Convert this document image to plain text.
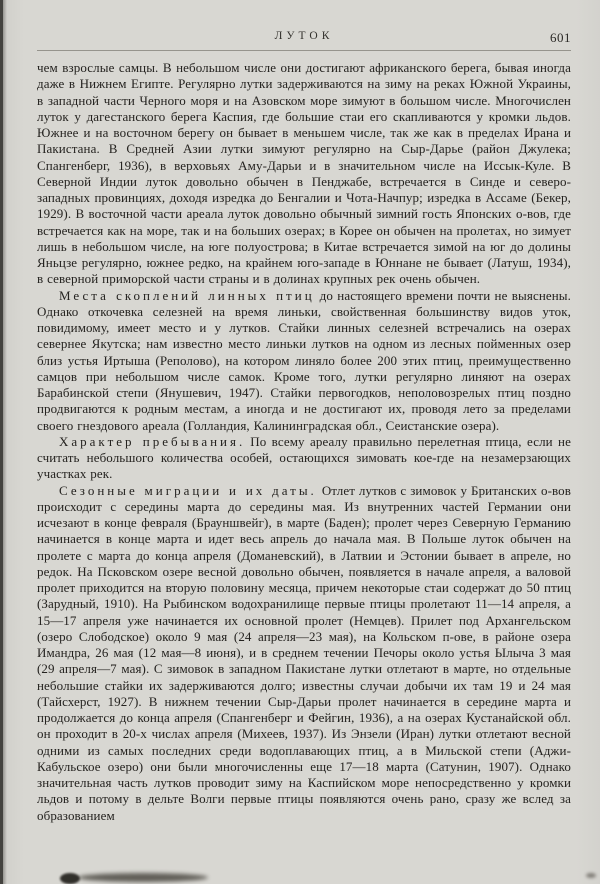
ЛУТОК	601

чем взрослые самцы. В небольшом числе они достигают африканского берега, бывая иногда даже в Нижнем Египте. Регулярно лутки задерживаются на зиму на реках Южной Украины, в западной части Черного моря и на Азовском море зимуют в большом числе. Многочислен луток у дагестанского берега Каспия, где большие стаи его скапливаются у кромки льдов. Южнее и на восточном берегу он бывает в меньшем числе, так же как в пределах Ирана и Пакистана. В Средней Азии лутки зимуют регулярно на Сыр-Дарье (район Джулека; Спангенберг, 1936), в верховьях Аму-Дарьи и в значительном числе на Иссык-Куле. В Северной Индии луток довольно обычен в Пенджабе, встречается в Синде и северо-западных провинциях, доходя изредка до Бенгалии и Чота-Начпур; изредка в Ассаме (Бекер, 1929). В восточной части ареала луток довольно обычный зимний гость Японских о-вов, где встречается как на море, так и на больших озерах; в Корее он обычен на пролетах, но зимует лишь в небольшом числе, на юге полуострова; в Китае встречается зимой на юг до долины Яньцзе регулярно, южнее редко, на крайнем юго-западе в Юннане не бывает (Латуш, 1934), в северной приморской части страны и в долинах крупных рек очень обычен.

Места скоплений линных птиц до настоящего времени почти не выяснены. Однако откочевка селезней на время линьки, свойственная большинству видов уток, повидимому, имеет место и у лутков. Стайки линных селезней встречались на озерах севернее Якутска; нам известно место линьки лутков на одном из лесных пойменных озер близ устья Иртыша (Реполово), на котором линяло более 200 этих птиц, преимущественно самцов при небольшом числе самок. Кроме того, лутки регулярно линяют на озерах Барабинской степи (Янушевич, 1947). Стайки первогодков, неполовозрелых птиц поздно продвигаются к родным местам, а иногда и не достигают их, проводя лето за пределами своего гнездового ареала (Голландия, Калининградская обл., Сеистанские озера).

Характер пребывания. По всему ареалу правильно перелетная птица, если не считать небольшого количества особей, остающихся зимовать кое-где на незамерзающих участках рек.

Сезонные миграции и их даты. Отлет лутков с зимовок у Британских о-вов происходит с середины марта до середины мая. Из внутренних частей Германии они исчезают в конце февраля (Брауншвейг), в марте (Баден); пролет через Северную Германию начинается в конце марта и идет весь апрель до начала мая. В Польше луток обычен на пролете с марта до конца апреля (Доманевский), в Латвии и Эстонии бывает в апреле, но редок. На Псковском озере весной довольно обычен, появляется в начале апреля, а валовой пролет приходится на вторую половину месяца, причем некоторые стаи содержат до 50 птиц (Зарудный, 1910). На Рыбинском водохранилище первые птицы пролетают 11—14 апреля, а 15—17 апреля уже начинается их основной пролет (Немцев). Прилет под Архангельском (озеро Слободское) около 9 мая (24 апреля—23 мая), на Кольском п-ове, в районе озера Имандра, 26 мая (12 мая—8 июня), и в среднем течении Печоры около устья Ылыча 3 мая (29 апреля—7 мая). С зимовок в западном Пакистане лутки отлетают в марте, но отдельные небольшие стайки их задерживаются долго; известны случаи добычи их там 19 и 24 мая (Тайсхерст, 1927). В нижнем течении Сыр-Дарьи пролет начинается в середине марта и продолжается до конца апреля (Спангенберг и Фейгин, 1936), а на озерах Кустанайской обл. он проходит в 20-х числах апреля (Михеев, 1937). Из Энзели (Иран) лутки отлетают весной одними из самых последних среди водоплавающих птиц, а в Мильской степи (Аджи-Кабульское озеро) они были многочисленны еще 17—18 марта (Сатунин, 1907). Однако значительная часть лутков проводит зиму на Каспийском море непосредственно у кромки льдов и потому в дельте Волги первые птицы появляются очень рано, сразу же вслед за образованием
